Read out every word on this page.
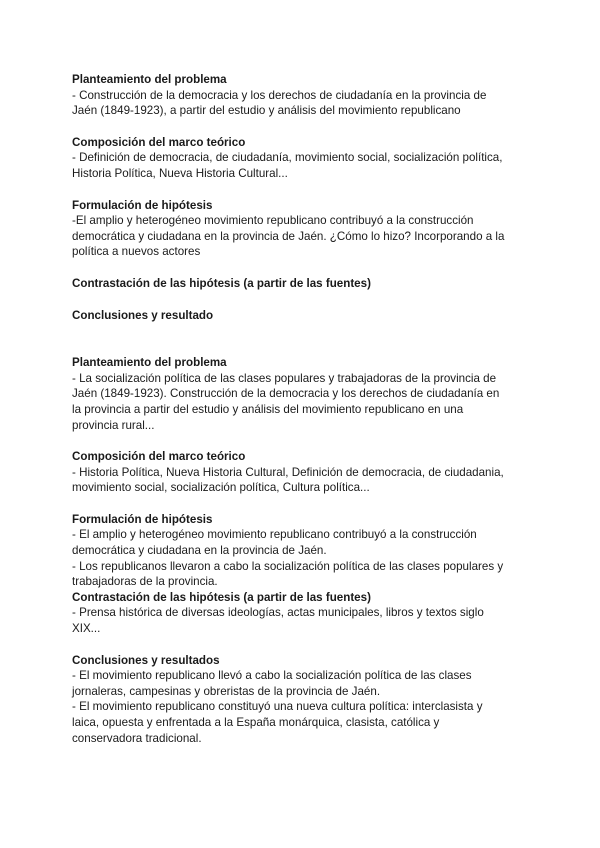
Planteamiento del problema

- Construcción de la democracia y los derechos de ciudadanía en la provincia de

Jaén (1849-1923), a partir del estudio y análisis del movimiento republicano

Composición del marco teórico

- Definición de democracia, de ciudadanía, movimiento social, socialización política,

Historia Política, Nueva Historia Cultural...

Formulación de hipótesis

-El amplio y heterogéneo movimiento republicano contribuyó a la construcción

democrática y ciudadana en la provincia de Jaén. ¿Cómo lo hizo? Incorporando a la

política a nuevos actores

Contrastación de las hipótesis (a partir de las fuentes)

Conclusiones y resultado

Planteamiento del problema

- La socialización política de las clases populares y trabajadoras de la provincia de

Jaén (1849-1923). Construcción de la democracia y los derechos de ciudadanía en

la provincia a partir del estudio y análisis del movimiento republicano en una

provincia rural...

Composición del marco teórico

- Historia Política, Nueva Historia Cultural, Definición de democracia, de ciudadania,

movimiento social, socialización política, Cultura política...

Formulación de hipótesis

- El amplio y heterogéneo movimiento republicano contribuyó a la construcción

democrática y ciudadana en la provincia de Jaén.

- Los republicanos llevaron a cabo la socialización política de las clases populares y

trabajadoras de la provincia.

Contrastación de las hipótesis (a partir de las fuentes)

- Prensa histórica de diversas ideologías, actas municipales, libros y textos siglo

XIX...

Conclusiones y resultados

- El movimiento republicano llevó a cabo la socialización política de las clases

jornaleras, campesinas y obreristas de la provincia de Jaén.

- El movimiento republicano constituyó una nueva cultura política: interclasista y

laica, opuesta y enfrentada a la España monárquica, clasista, católica y

conservadora tradicional.
